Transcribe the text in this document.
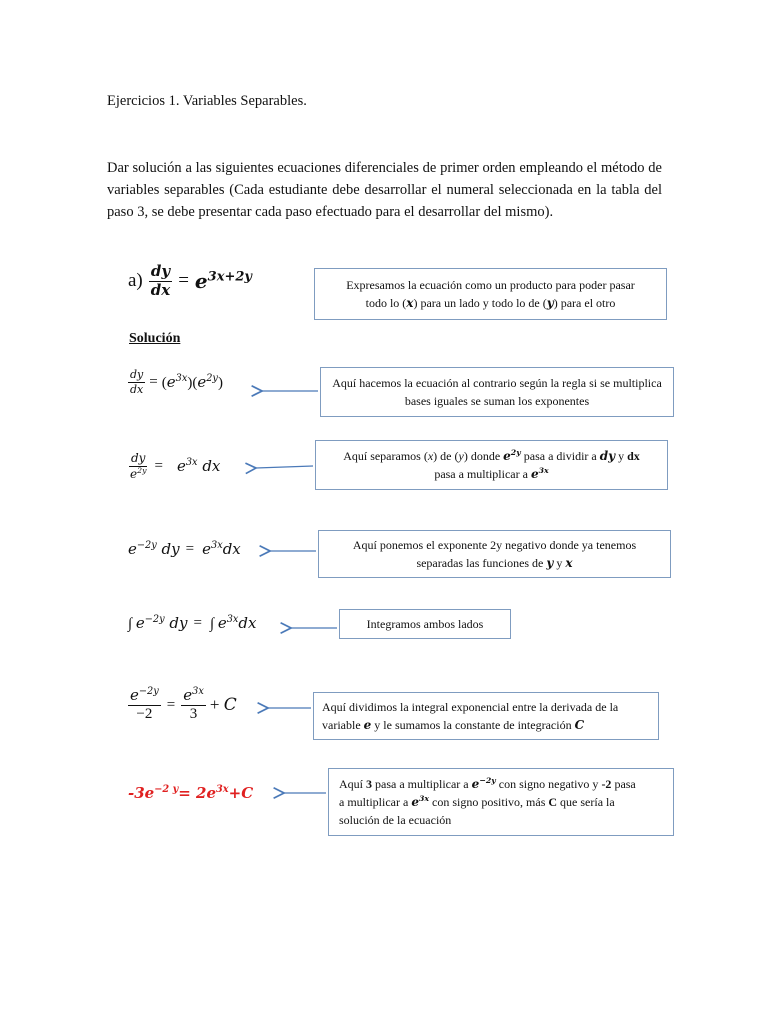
Ejercicios 1. Variables Separables.
Dar solución a las siguientes ecuaciones diferenciales de primer orden empleando el método de variables separables (Cada estudiante debe desarrollar el numeral seleccionada en la tabla del paso 3, se debe presentar cada paso efectuado para el desarrollar del mismo).
$a) \frac{dy}{dx} = e^{3x+2y}$
Expresamos la ecuación como un producto para poder pasar
todo lo (x) para un lado y todo lo de (y) para el otro
Solución
$\frac{dy}{dx} = (e^{3x})(e^{2y})$	Aquí hacemos la ecuación al contrario según la regla si se multiplica bases iguales se suman los exponentes
$\frac{dy}{e^{2y}} = e^{3x}$ dx
Aquí separamos (x) de (y) donde $e^{2y}$ pasa a dividir a dy y dx
pasa a multiplicar a $e^{3x}$
$e^{-2y}$ dy = $e^{3x}dx$	Aquí ponemos el exponente 2y negativo donde ya tenemos
separadas las funciones de y y x
∫ $e^{-2y}$ dy = ∫ $e^{3x}dx$	Integramos ambos lados
$\frac{e^{-2y}}{-2} = \frac{e^{3x}}{3} + C$	Aquí dividimos la integral exponencial entre la derivada de la
variable e y le sumamos la constante de integración C
-3 $e^{-2 y} = 2$ $e^{3x} + C$	Aquí 3 pasa a multiplicar a $e^{-2y}$ con signo negativo y -2 pasa
a multiplicar a $e^{3x}$ con signo positivo, más C que sería la
solución de la ecuación
